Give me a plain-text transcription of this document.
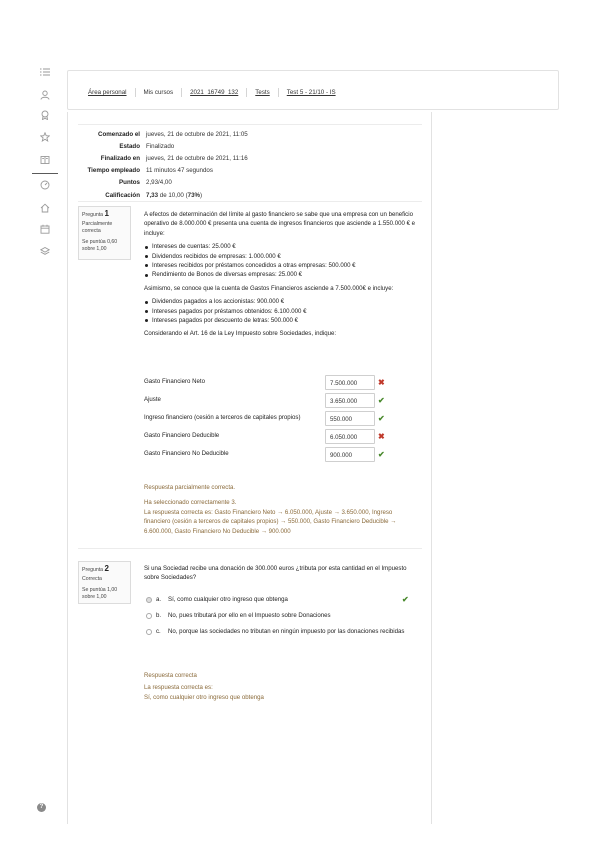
Área personal	Mis cursos	2021_16749_132	Tests	Test 5 - 21/10 - IS
Comenzado el jueves, 21 de octubre de 2021, 11:05
Estado Finalizado
Finalizado en jueves, 21 de octubre de 2021, 11:16
Tiempo empleado 11 minutos 47 segundos
Puntos 2,93/4,00
Calificación 7,33 de 10,00 (73%)
Pregunta 1
Parcialmente correcta
Se puntúa 0,60 sobre 1,00

A efectos de determinación del límite al gasto financiero se sabe que una empresa con un beneficio operativo de 8.000.000 € presenta una cuenta de ingresos financieros que asciende a 1.550.000 € e incluye:

Intereses de cuentas: 25.000 €
Dividendos recibidos de empresas: 1.000.000 €
Intereses recibidos por préstamos concedidos a otras empresas: 500.000 €
Rendimiento de Bonos de diversas empresas: 25.000 €

Asimismo, se conoce que la cuenta de Gastos Financieros asciende a 7.500.000€ e incluye:

Dividendos pagados a los accionistas: 900.000 €
Intereses pagados por préstamos obtenidos: 6.100.000 €
Intereses pagados por descuento de letras: 500.000 €

Considerando el Art. 16 de la Ley Impuesto sobre Sociedades, indique:

Gasto Financiero Neto	7.500.000	✖
Ajuste	3.650.000	✔
Ingreso financiero (cesión a terceros de capitales propios)	550.000	✔
Gasto Financiero Deducible	6.050.000	✖
Gasto Financiero No Deducible	900.000	✔
Respuesta parcialmente correcta.
Ha seleccionado correctamente 3.
La respuesta correcta es: Gasto Financiero Neto → 6.050.000, Ajuste → 3.650.000, Ingreso financiero (cesión a terceros de capitales propios) → 550.000, Gasto Financiero Deducible → 6.600.000, Gasto Financiero No Deducible → 900.000
Pregunta 2
Correcta
Se puntúa 1,00 sobre 1,00

Si una Sociedad recibe una donación de 300.000 euros ¿tributa por esta cantidad en el Impuesto sobre Sociedades?

a. Sí, como cualquier otro ingreso que obtenga	✔
b. No, pues tributará por ello en el Impuesto sobre Donaciones
c. No, porque las sociedades no tributan en ningún impuesto por las donaciones recibidas
Respuesta correcta
La respuesta correcta es:
Sí, como cualquier otro ingreso que obtenga
?
